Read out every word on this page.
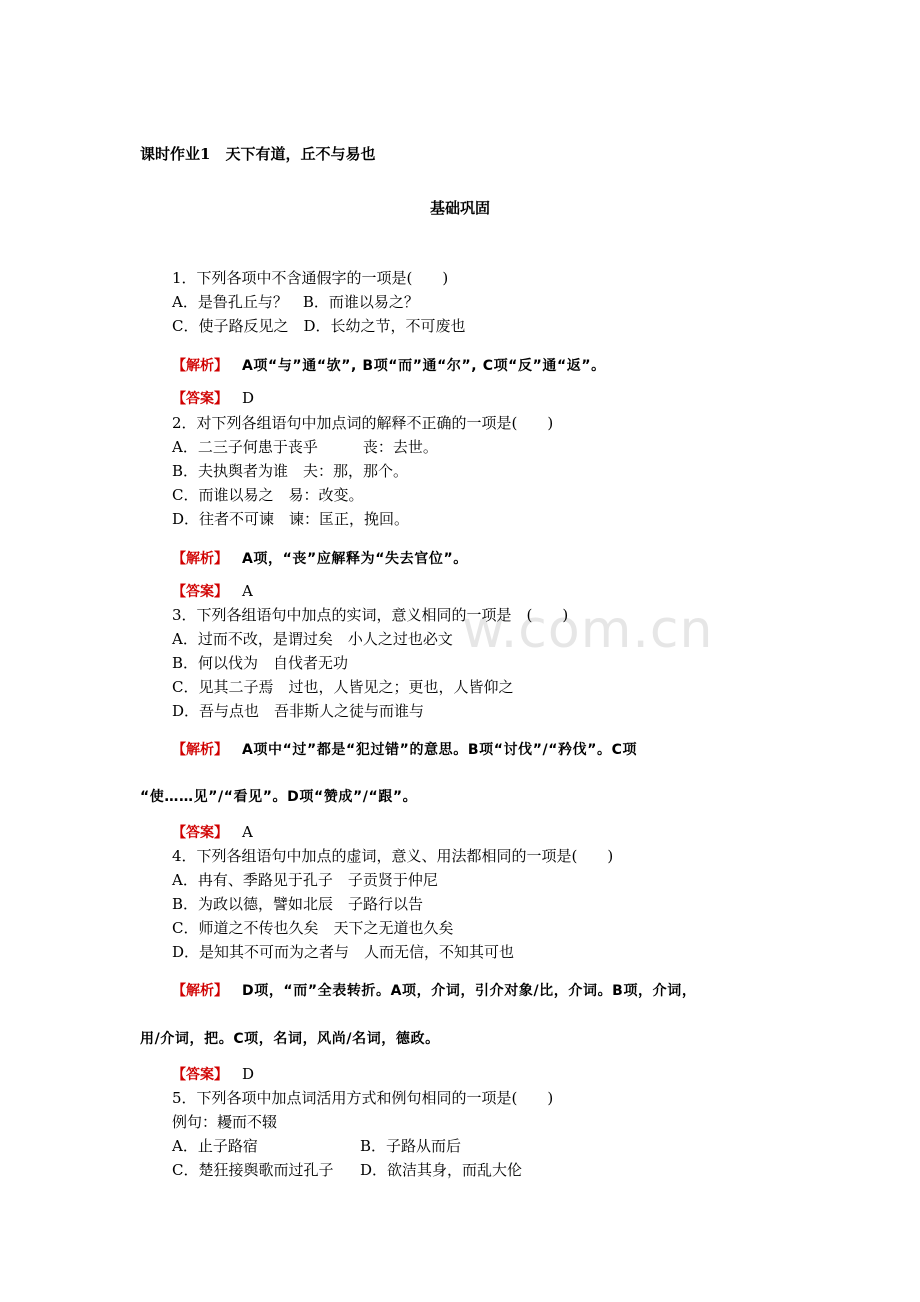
w.com.cn
课时作业1　天下有道，丘不与易也
基础巩固
1．下列各项中不含通假字的一项是(　　)
A．是鲁孔丘与？　B．而谁以易之？
C．使子路反见之　D．长幼之节，不可废也
【解析】 A项“与”通“欤”, B项“而”通“尔”, C项“反”通“返”。
【答案】 D
2．对下列各组语句中加点词的解释不正确的一项是(　　)
A．二三子何患于丧乎　　　丧：去世。
B．夫执舆者为谁　夫：那，那个。
C．而谁以易之　易：改变。
D．往者不可谏　谏：匡正，挽回。
【解析】 A项，“丧”应解释为“失去官位”。
【答案】 A
3．下列各组语句中加点的实词，意义相同的一项是　(　　)
A．过而不改，是谓过矣　小人之过也必文
B．何以伐为　自伐者无功
C．见其二子焉　过也，人皆见之；更也，人皆仰之
D．吾与点也　吾非斯人之徒与而谁与
【解析】 A项中“过”都是“犯过错”的意思。B项“讨伐”/“矜伐”。C项
“使……见”/“看见”。D项“赞成”/“跟”。
【答案】 A
4．下列各组语句中加点的虚词，意义、用法都相同的一项是(　　)
A．冉有、季路见于孔子　子贡贤于仲尼
B．为政以德，譬如北辰　子路行以告
C．师道之不传也久矣　天下之无道也久矣
D．是知其不可而为之者与　人而无信，不知其可也
【解析】 D项，“而”全表转折。A项，介词，引介对象/比，介词。B项，介词，
用/介词，把。C项，名词，风尚/名词，德政。
【答案】 D
5．下列各项中加点词活用方式和例句相同的一项是(　　)
例句：耰而不辍
A．止子路宿	B．子路从而后
C．楚狂接舆歌而过孔子 D．欲洁其身，而乱大伦
